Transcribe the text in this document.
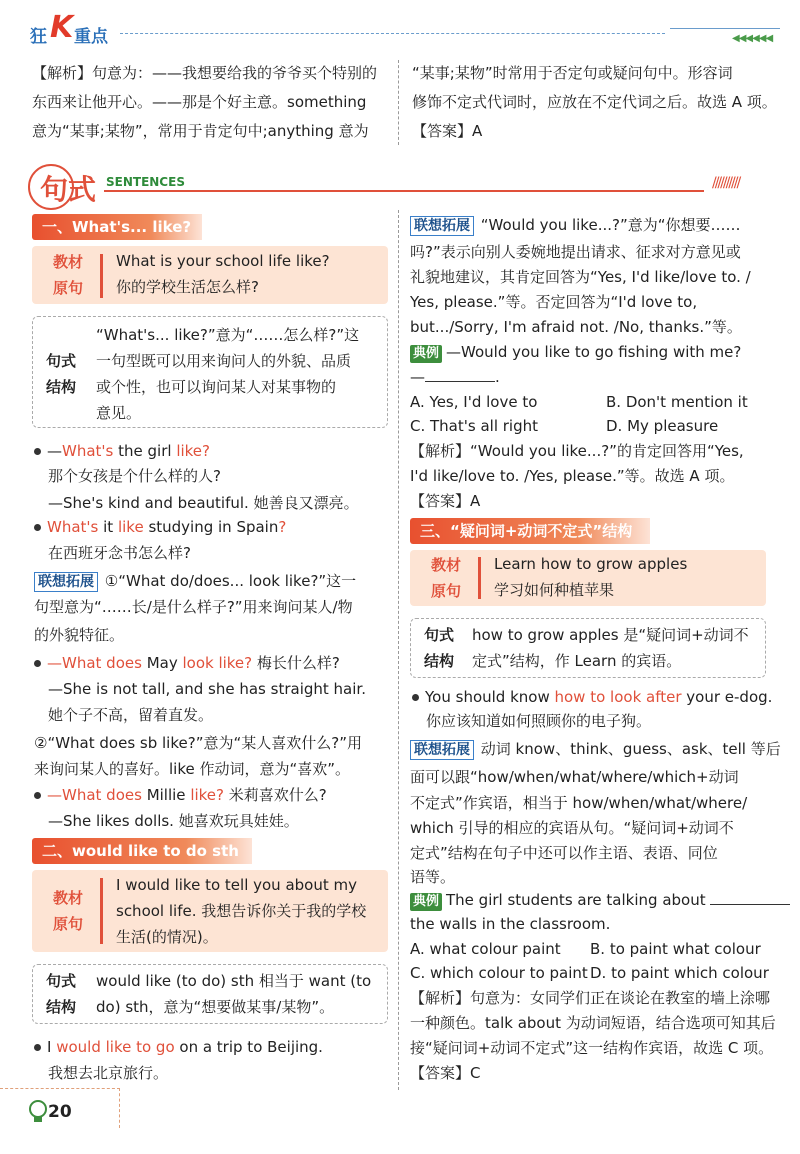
狂 K 重点	◀◀◀◀◀◀
【解析】句意为：——我想要给我的爷爷买个特别的
东西来让他开心。——那是个好主意。something
意为“某事;某物”，常用于肯定句中;anything 意为
“某事;某物”时常用于否定句或疑问句中。形容词
修饰不定式代词时，应放在不定代词之后。故选 A 项。
【答案】A
句式 SENTENCES	//////////
一、What's... like?
教材
原句
What is your school life like?
你的学校生活怎么样?
句式
结构
“What's... like?”意为“……怎么样?”这
一句型既可以用来询问人的外貌、品质
或个性，也可以询问某人对某事物的
意见。
—What's the girl like?
那个女孩是个什么样的人?
—She's kind and beautiful. 她善良又漂亮。
What's it like studying in Spain?
在西班牙念书怎么样?
联想拓展 ①“What do/does... look like?”这一
句型意为“……长/是什么样子?”用来询问某人/物
的外貌特征。
—What does May look like? 梅长什么样?
—She is not tall, and she has straight hair.
她个子不高，留着直发。
②“What does sb like?”意为“某人喜欢什么?”用
来询问某人的喜好。like 作动词，意为“喜欢”。
—What does Millie like? 米莉喜欢什么?
—She likes dolls. 她喜欢玩具娃娃。
二、would like to do sth
教材
原句
I would like to tell you about my
school life. 我想告诉你关于我的学校
生活(的情况)。
句式
结构
would like (to do) sth 相当于 want (to
do) sth，意为“想要做某事/某物”。
I would like to go on a trip to Beijing.
我想去北京旅行。
联想拓展 “Would you like...?”意为“你想要……
吗?”表示向别人委婉地提出请求、征求对方意见或
礼貌地建议，其肯定回答为“Yes, I'd like/love to. /
Yes, please.”等。否定回答为“I'd love to,
but.../Sorry, I'm afraid not. /No, thanks.”等。
典例 —Would you like to go fishing with me?
—	.
A. Yes, I'd love to	B. Don't mention it
C. That's all right	D. My pleasure
【解析】“Would you like...?”的肯定回答用“Yes,
I'd like/love to. /Yes, please.”等。故选 A 项。
【答案】A
三、“疑问词+动词不定式”结构
教材
原句
Learn how to grow apples
学习如何种植苹果
句式
结构
how to grow apples 是“疑问词+动词不
定式”结构，作 Learn 的宾语。
You should know how to look after your e-dog.
你应该知道如何照顾你的电子狗。
联想拓展 动词 know、think、guess、ask、tell 等后
面可以跟“how/when/what/where/which+动词
不定式”作宾语，相当于 how/when/what/where/
which 引导的相应的宾语从句。“疑问词+动词不
定式”结构在句子中还可以作主语、表语、同位
语等。
典例 The girl students are talking about
the walls in the classroom.
A. what colour paint B. to paint what colour
C. which colour to paint D. to paint which colour
【解析】句意为：女同学们正在谈论在教室的墙上涂哪
一种颜色。talk about 为动词短语，结合选项可知其后
接“疑问词+动词不定式”这一结构作宾语，故选 C 项。
【答案】C
20
